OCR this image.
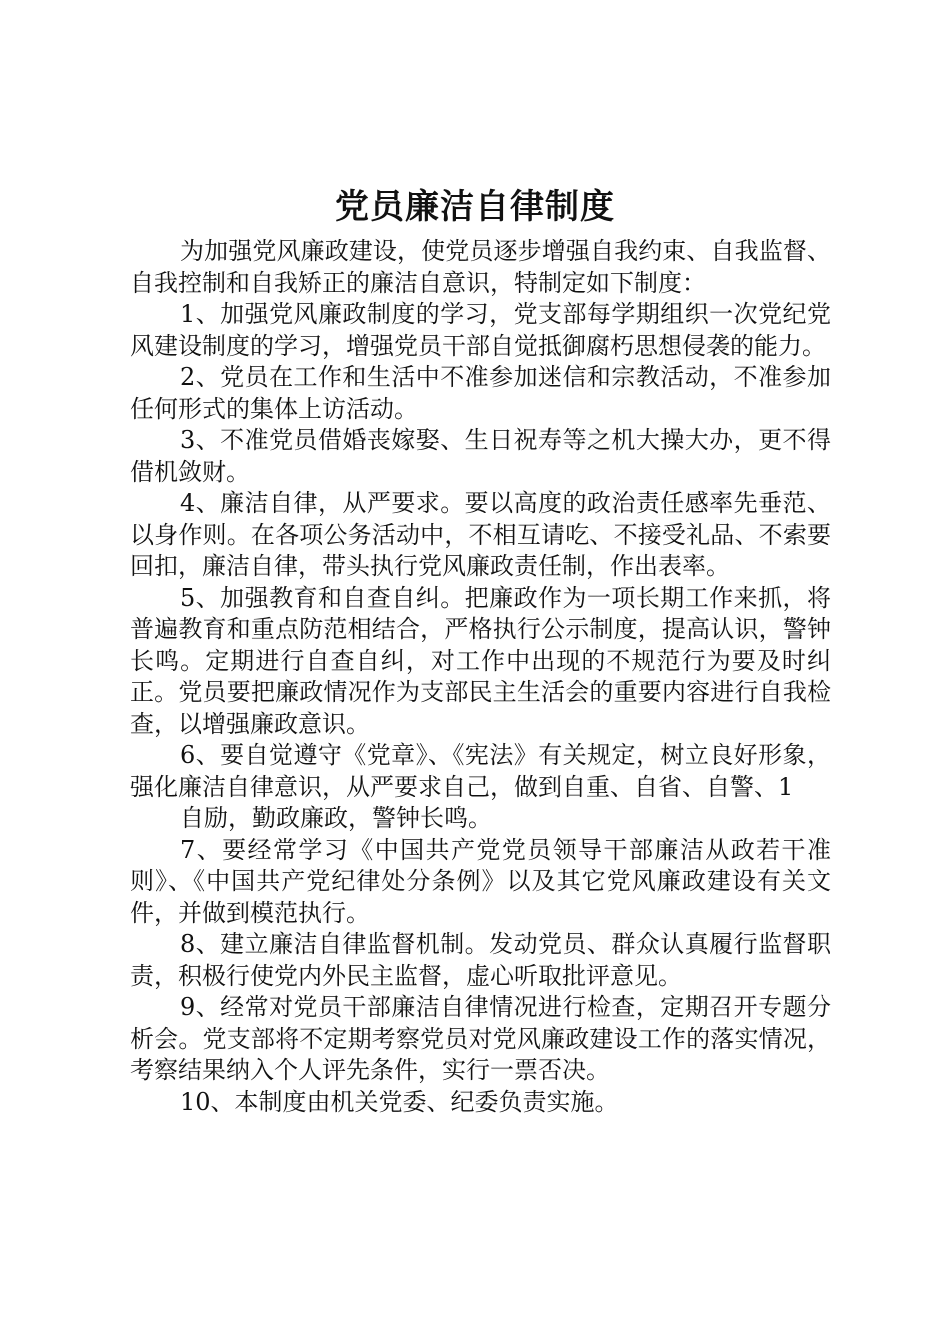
党员廉洁自律制度

为加强党风廉政建设，使党员逐步增强自我约束、自我监督、自我控制和自我矫正的廉洁自意识，特制定如下制度：

1、加强党风廉政制度的学习，党支部每学期组织一次党纪党风建设制度的学习，增强党员干部自觉抵御腐朽思想侵袭的能力。

2、党员在工作和生活中不准参加迷信和宗教活动，不准参加任何形式的集体上访活动。

3、不准党员借婚丧嫁娶、生日祝寿等之机大操大办，更不得借机敛财。

4、廉洁自律，从严要求。要以高度的政治责任感率先垂范、以身作则。在各项公务活动中，不相互请吃、不接受礼品、不索要回扣，廉洁自律，带头执行党风廉政责任制，作出表率。

5、加强教育和自查自纠。把廉政作为一项长期工作来抓，将普遍教育和重点防范相结合，严格执行公示制度，提高认识，警钟长鸣。定期进行自查自纠，对工作中出现的不规范行为要及时纠正。党员要把廉政情况作为支部民主生活会的重要内容进行自我检查，以增强廉政意识。

6、要自觉遵守《党章》、《宪法》有关规定，树立良好形象，强化廉洁自律意识，从严要求自己，做到自重、自省、自警、1

自励，勤政廉政，警钟长鸣。

7、要经常学习《中国共产党党员领导干部廉洁从政若干准则》、《中国共产党纪律处分条例》以及其它党风廉政建设有关文件，并做到模范执行。

8、建立廉洁自律监督机制。发动党员、群众认真履行监督职责，积极行使党内外民主监督，虚心听取批评意见。

9、经常对党员干部廉洁自律情况进行检查，定期召开专题分析会。党支部将不定期考察党员对党风廉政建设工作的落实情况，考察结果纳入个人评先条件，实行一票否决。

10、本制度由机关党委、纪委负责实施。
